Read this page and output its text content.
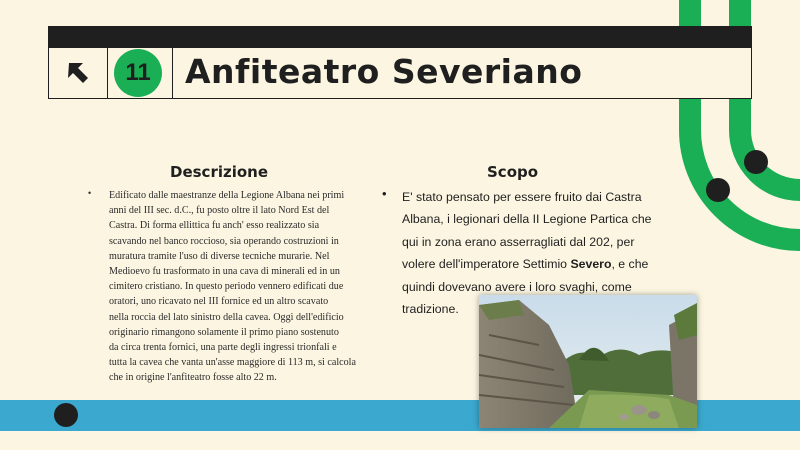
11	Anfiteatro Severiano
Descrizione
• Edificato dalle maestranze della Legione Albana nei primi
anni del III sec. d.C., fu posto oltre il lato Nord Est del
Castra. Di forma ellittica fu anch' esso realizzato sia
scavando nel banco roccioso, sia operando costruzioni in
muratura tramite l'uso di diverse tecniche murarie. Nel
Medioevo fu trasformato in una cava di minerali ed in un
cimitero cristiano. In questo periodo vennero edificati due
oratori, uno ricavato nel III fornice ed un altro scavato
nella roccia del lato sinistro della cavea. Oggi dell'edificio
originario rimangono solamente il primo piano sostenuto
da circa trenta fornici, una parte degli ingressi trionfali e
tutta la cavea che vanta un'asse maggiore di 113 m, si calcola
che in origine l'anfiteatro fosse alto 22 m.
Scopo
• E' stato pensato per essere fruito dai Castra
Albana, i legionari della II Legione Partica che
qui in zona erano asserragliati dal 202, per
volere dell'imperatore Settimio Severo, e che
quindi dovevano avere i loro svaghi, come
tradizione.
